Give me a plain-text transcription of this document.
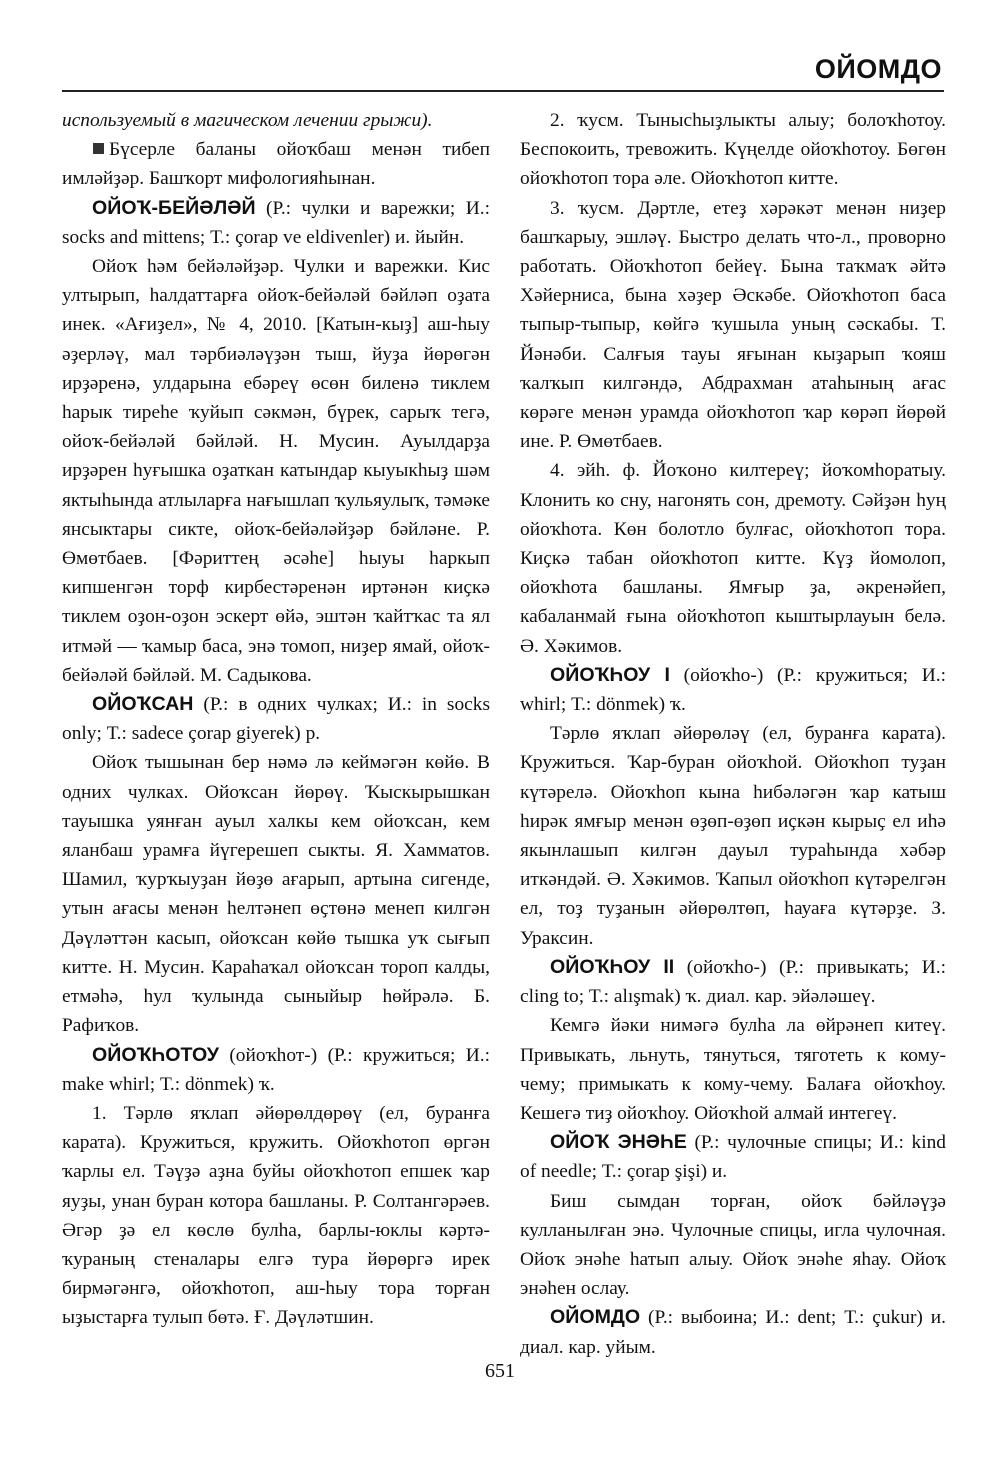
ОЙОМДО

используемый в магическом лечении грыжи).

Бүсерле баланы ойоҡбаш менән тибеп имләйҙәр. Башҡорт мифологияһынан.

ОЙОҠ-БЕЙӘЛӘЙ (Р.: чулки и варежки; И.: socks and mittens; Т.: çorap ve eldivenler) и. йыйн.

Ойоҡ һәм бейәләйҙәр. Чулки и варежки. Кис ултырып, һалдаттарға ойоҡ-бейәләй бәйләп оҙата инек. «Ағиҙел», № 4, 2010. [Катын-кыҙ] аш-һыу әҙерләү, мал тәрбиәләүҙән тыш, йуҙа йөрөгән ирҙәренә, улдарына ебәреү өсөн биленә тиклем һарык тиреһе ҡуйып сәкмән, бүрек, сарыҡ тегә, ойоҡ-бейәләй бәйләй. Н. Мусин. Ауылдарҙа ирҙәрен һуғышка оҙаткан катындар кыуыкһыҙ шәм яктыһында атлыларға нағышлап ҡульяулыҡ, тәмәке янсыктары сикте, ойоҡ-бейәләйҙәр бәйләне. Р. Өмөтбаев. [Фәриттең әсәһе] һыуы һаркып кипшенгән торф кирбестәренән иртәнән киҫкә тиклем оҙон-оҙон эскерт өйә, эштән ҡайтҡас та ял итмәй — ҡамыр баса, энә томоп, ниҙер ямай, ойоҡ-бейәләй бәйләй. М. Садыкова.

ОЙОҠСАН (Р.: в одних чулках; И.: in socks only; Т.: sadece çorap giyerek) р.

Ойоҡ тышынан бер нәмә лә кеймәгән көйө. В одних чулках. Ойоҡсан йөрөү. Ҡыскырышкан тауышка уянған ауыл халкы кем ойоҡсан, кем яланбаш урамға йүгерешеп сыкты. Я. Хамматов. Шамил, ҡурҡыуҙан йөҙө ағарып, артына сигенде, утын ағасы менән һелтәнеп өҫтөнә менеп килгән Дәүләттән касып, ойоҡсан көйө тышка уҡ сығып китте. Н. Мусин. Караһаҡал ойоҡсан тороп калды, етмәһә, һул ҡулында сыныйыр һөйрәлә. Б. Рафиҡов.

ОЙОҠҺОТОУ (ойоҡһот-) (Р.: кружиться; И.: make whirl; Т.: dönmek) ҡ.

1. Тәрлө яҡлап әйөрөлдөрөү (ел, буранға карата). Кружиться, кружить. Ойоҡһотоп өргән ҡарлы ел. Тәүҙә аҙна буйы ойоҡһотоп епшек ҡар яуҙы, унан буран котора башланы. Р. Солтангәрәев. Әгәр ҙә ел көслө булһа, барлы-юклы кәртә-ҡураның стеналары елгә тура йөрөргә ирек бирмәгәнгә, ойоҡһотоп, аш-һыу тора торған ыҙыстарға тулып бөтә. Ғ. Дәүләтшин.

2. ҡусм. Тынысһыҙлыкты алыу; болоҡһотоу. Беспокоить, тревожить. Күңелде ойоҡһотоу. Бөгөн ойоҡһотоп тора әле. Ойоҡһотоп китте.

3. ҡусм. Дәртле, етеҙ хәрәкәт менән ниҙер башҡарыу, эшләү. Быстро делать что-л., проворно работать. Ойоҡһотоп бейеү. Бына таҡмаҡ әйтә Хәйерниса, бына хәҙер Әскәбе. Ойоҡһотоп баса тыпыр-тыпыр, көйгә ҡушыла уның сәскабы. Т. Йәнәби. Салғыя тауы яғынан кыҙарып ҡояш ҡалҡып килгәндә, Абдрахман атаһының ағас көрәге менән урамда ойоҡһотоп ҡар көрәп йөрөй ине. Р. Өмөтбаев.

4. эйһ. ф. Йоҡоно килтереү; йоҡомһоратыу. Клонить ко сну, нагонять сон, дремоту. Сәйҙән һуң ойоҡһота. Көн болотло булғас, ойоҡһотоп тора. Киҫкә табан ойоҡһотоп китте. Күҙ йомолоп, ойоҡһота башланы. Ямғыр ҙа, әкренәйеп, кабаланмай ғына ойоҡһотоп кыштырлауын белә. Ә. Хәкимов.

ОЙОҠҺОУ I (ойоҡһо-) (Р.: кружиться; И.: whirl; Т.: dönmek) ҡ.

Тәрлө яҡлап әйөрөләү (ел, буранға карата). Кружиться. Ҡар-буран ойоҡһой. Ойоҡһоп туҙан күтәрелә. Ойоҡһоп кына һибәләгән ҡар катыш һирәк ямғыр менән өҙөп-өҙөп иҫкән кырыҫ ел иһә якынлашып килгән дауыл тураһында хәбәр иткәндәй. Ә. Хәкимов. Ҡапыл ойоҡһоп күтәрелгән ел, тоҙ туҙанын әйөрөлтөп, һауаға күтәрҙе. З. Ураксин.

ОЙОҠҺОУ II (ойоҡһо-) (Р.: привыкать; И.: cling to; Т.: alışmak) ҡ. диал. кар. эйәләшеү.

Кемгә йәки нимәгә булһа ла өйрәнеп китеү. Привыкать, льнуть, тянуться, тяготеть к кому-чему; примыкать к кому-чему. Балаға ойоҡһоу. Кешегә тиҙ ойоҡһоу. Ойоҡһой алмай интегеү.

ОЙОҠ ЭНӘҺЕ (Р.: чулочные спицы; И.: kind of needle; Т.: çorap şişi) и.

Биш сымдан торған, ойоҡ бәйләүҙә кулланылған энә. Чулочные спицы, игла чулочная. Ойоҡ энәһе һатып алыу. Ойоҡ энәһе яһау. Ойоҡ энәһен ослау.

ОЙОМДО (Р.: выбоина; И.: dent; Т.: çukur) и. диал. кар. уйым.

651
